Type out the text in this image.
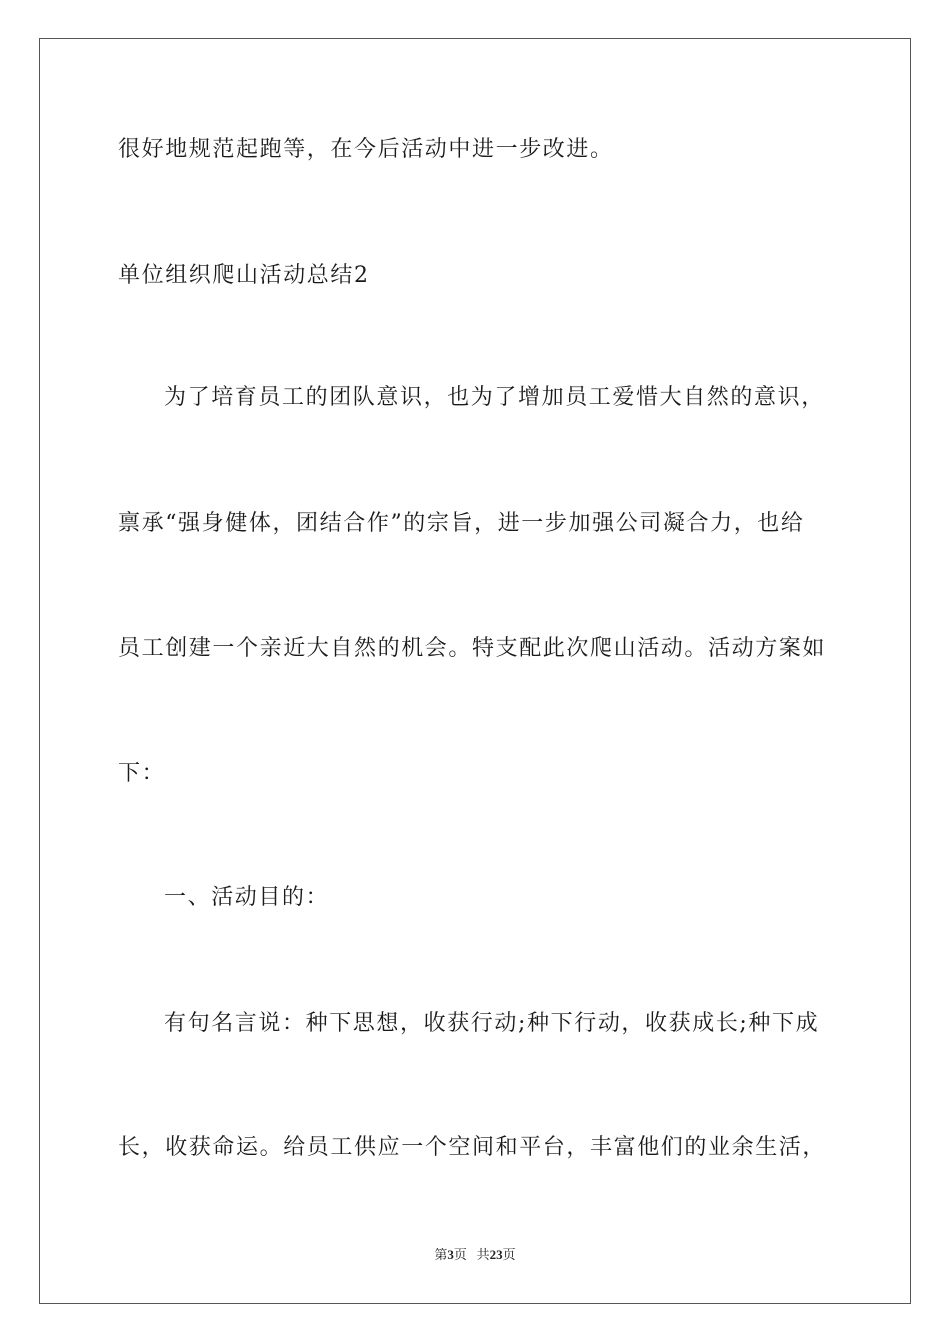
很好地规范起跑等，在今后活动中进一步改进。
单位组织爬山活动总结2
为了培育员工的团队意识，也为了增加员工爱惜大自然的意识，
禀承“强身健体，团结合作”的宗旨，进一步加强公司凝合力，也给
员工创建一个亲近大自然的机会。特支配此次爬山活动。活动方案如
下：
一、活动目的：
有句名言说：种下思想，收获行动;种下行动，收获成长;种下成
长，收获命运。给员工供应一个空间和平台，丰富他们的业余生活，
第3页 共23页
